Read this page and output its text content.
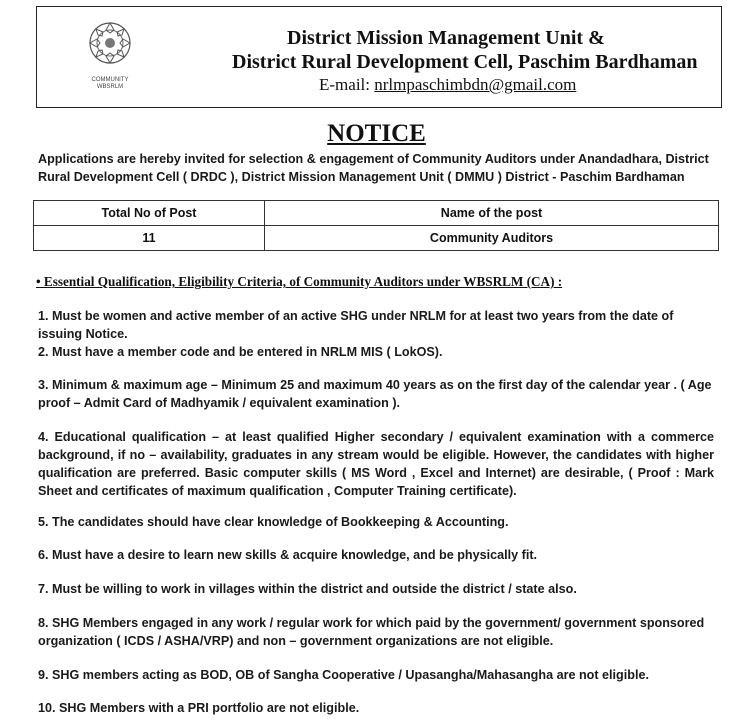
COMMUNITY
WBSRLM
District Mission Management Unit &
District Rural Development Cell, Paschim Bardhaman
E-mail: nrlmpaschimbdn@gmail.com
NOTICE
Applications are hereby invited for selection & engagement of Community Auditors under Anandadhara, District Rural Development Cell ( DRDC ), District Mission Management Unit ( DMMU ) District - Paschim Bardhaman
Total No of Post	Name of the post
11	Community Auditors
• Essential Qualification, Eligibility Criteria, of Community Auditors under WBSRLM (CA) :
1. Must be women and active member of an active SHG under NRLM for at least two years from the date of issuing Notice.
2. Must have a member code and be entered in NRLM MIS ( LokOS).
3. Minimum & maximum age – Minimum 25 and maximum 40 years as on the first day of the calendar year . ( Age proof – Admit Card of Madhyamik / equivalent examination ).
4. Educational qualification – at least qualified Higher secondary / equivalent examination with a commerce background, if no – availability, graduates in any stream would be eligible. However, the candidates with higher qualification are preferred. Basic computer skills ( MS Word , Excel and Internet) are desirable, ( Proof : Mark Sheet and certificates of maximum qualification , Computer Training certificate).
5. The candidates should have clear knowledge of Bookkeeping & Accounting.
6. Must have a desire to learn new skills & acquire knowledge, and be physically fit.
7. Must be willing to work in villages within the district and outside the district / state also.
8. SHG Members engaged in any work / regular work for which paid by the government/ government sponsored organization ( ICDS / ASHA/VRP) and non – government organizations are not eligible.
9. SHG members acting as BOD, OB of Sangha Cooperative / Upasangha/Mahasangha are not eligible.
10. SHG Members with a PRI portfolio are not eligible.
